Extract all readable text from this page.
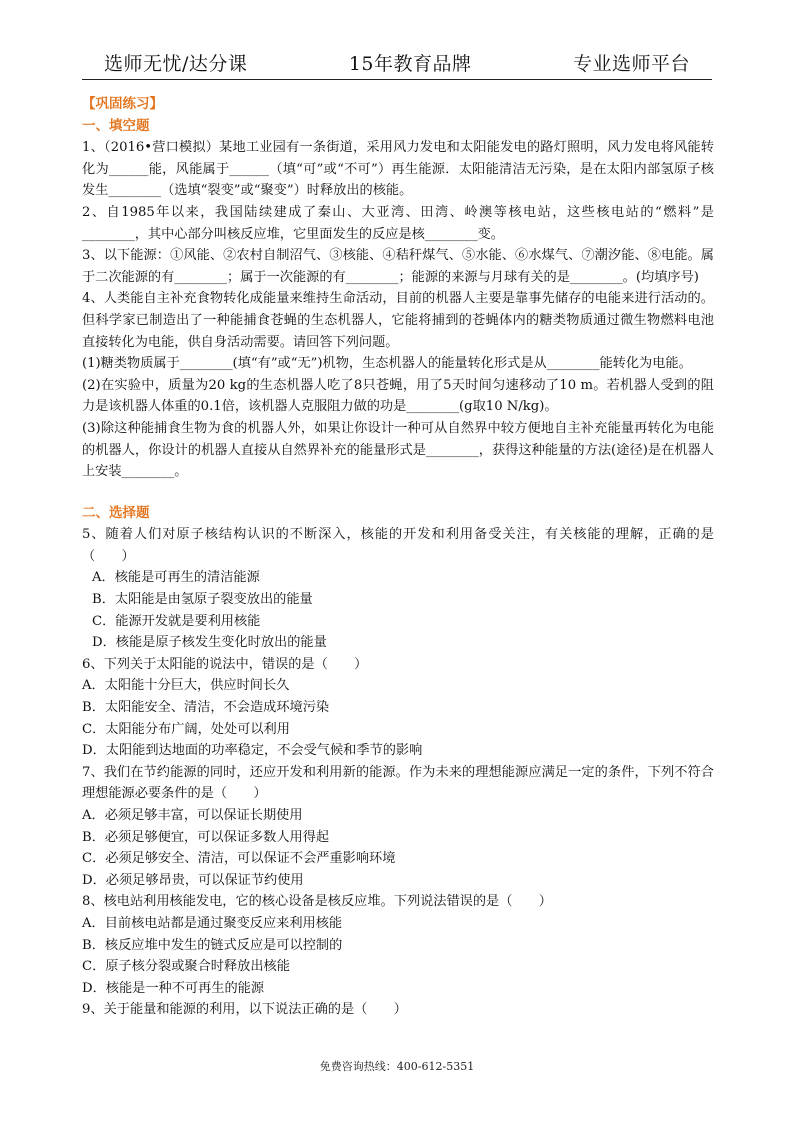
选师无忧/达分课	15年教育品牌	专业选师平台

【巩固练习】

一、填空题

1、（2016•营口模拟）某地工业园有一条街道，采用风力发电和太阳能发电的路灯照明，风力发电将风能转化为______能，风能属于______（填“可”或“不可”）再生能源．太阳能清洁无污染，是在太阳内部氢原子核发生________（选填“裂变”或“聚变”）时释放出的核能。

2、自1985年以来，我国陆续建成了秦山、大亚湾、田湾、岭澳等核电站，这些核电站的“燃料”是________，其中心部分叫核反应堆，它里面发生的反应是核________变。

3、以下能源：①风能、②农村自制沼气、③核能、④秸秆煤气、⑤水能、⑥水煤气、⑦潮汐能、⑧电能。属于二次能源的有________；属于一次能源的有________；能源的来源与月球有关的是________。(均填序号)

4、人类能自主补充食物转化成能量来维持生命活动，目前的机器人主要是靠事先储存的电能来进行活动的。但科学家已制造出了一种能捕食苍蝇的生态机器人，它能将捕到的苍蝇体内的糖类物质通过微生物燃料电池直接转化为电能，供自身活动需要。请回答下列问题。

(1)糖类物质属于________(填“有”或“无”)机物，生态机器人的能量转化形式是从________能转化为电能。

(2)在实验中，质量为20 kg的生态机器人吃了8只苍蝇，用了5天时间匀速移动了10 m。若机器人受到的阻力是该机器人体重的0.1倍，该机器人克服阻力做的功是________(g取10 N/kg)。

(3)除这种能捕食生物为食的机器人外，如果让你设计一种可从自然界中较方便地自主补充能量再转化为电能的机器人，你设计的机器人直接从自然界补充的能量形式是________，获得这种能量的方法(途径)是在机器人上安装________。

二、选择题

5、随着人们对原子核结构认识的不断深入，核能的开发和利用备受关注，有关核能的理解，正确的是（　　）

A．核能是可再生的清洁能源

B．太阳能是由氢原子裂变放出的能量

C．能源开发就是要利用核能

D．核能是原子核发生变化时放出的能量

6、下列关于太阳能的说法中，错误的是（　　）

A．太阳能十分巨大，供应时间长久

B．太阳能安全、清洁，不会造成环境污染

C．太阳能分布广阔，处处可以利用

D．太阳能到达地面的功率稳定，不会受气候和季节的影响

7、我们在节约能源的同时，还应开发和利用新的能源。作为未来的理想能源应满足一定的条件，下列不符合理想能源必要条件的是（　　）

A．必须足够丰富，可以保证长期使用

B．必须足够便宜，可以保证多数人用得起

C．必须足够安全、清洁，可以保证不会严重影响环境

D．必须足够昂贵，可以保证节约使用

8、核电站利用核能发电，它的核心设备是核反应堆。下列说法错误的是（　　）

A．目前核电站都是通过聚变反应来利用核能

B．核反应堆中发生的链式反应是可以控制的

C．原子核分裂或聚合时释放出核能

D．核能是一种不可再生的能源

9、关于能量和能源的利用，以下说法正确的是（　　）

免费咨询热线：400-612-5351
